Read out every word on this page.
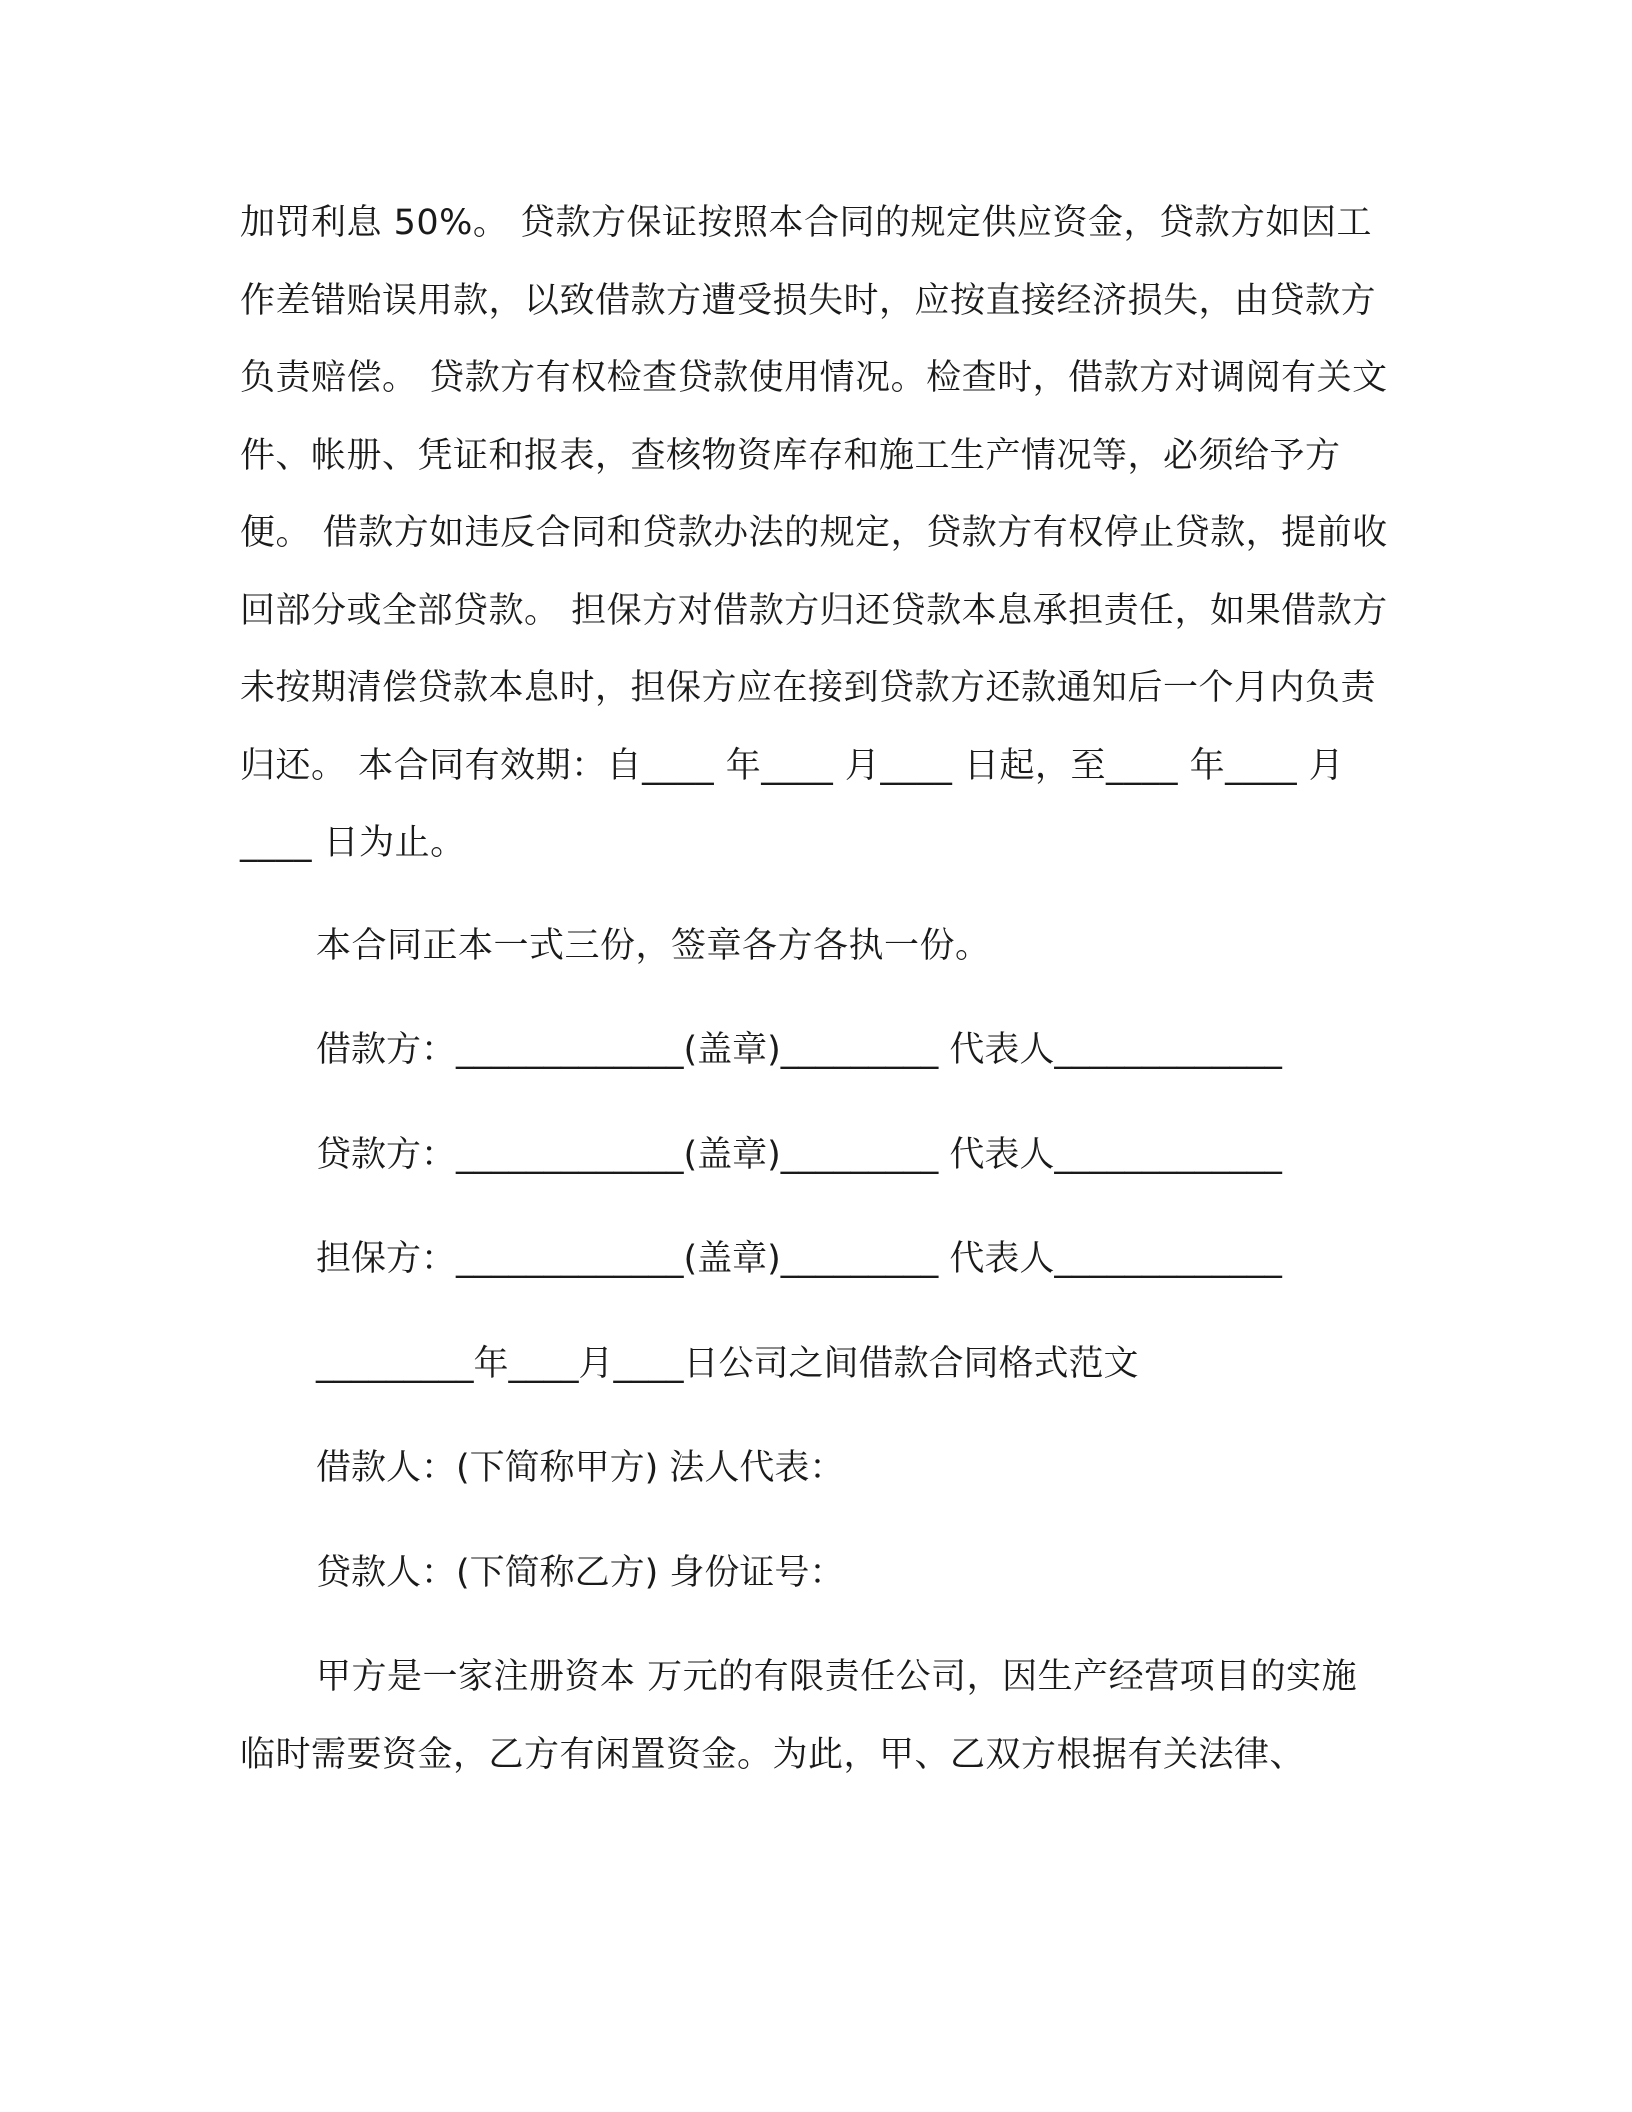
加罚利息 50%。 贷款方保证按照本合同的规定供应资金，贷款方如因工作差错贻误用款，以致借款方遭受损失时，应按直接经济损失，由贷款方负责赔偿。 贷款方有权检查贷款使用情况。检查时，借款方对调阅有关文件、帐册、凭证和报表，查核物资库存和施工生产情况等，必须给予方便。 借款方如违反合同和贷款办法的规定，贷款方有权停止贷款，提前收回部分或全部贷款。 担保方对借款方归还贷款本息承担责任，如果借款方未按期清偿贷款本息时，担保方应在接到贷款方还款通知后一个月内负责归还。 本合同有效期：自____ 年____ 月____ 日起，至____ 年____ 月____ 日为止。

本合同正本一式三份，签章各方各执一份。

借款方：_____________(盖章)_________ 代表人_____________

贷款方：_____________(盖章)_________ 代表人_____________

担保方：_____________(盖章)_________ 代表人_____________

_________年____月____日公司之间借款合同格式范文

借款人：(下简称甲方) 法人代表：

贷款人：(下简称乙方) 身份证号：

甲方是一家注册资本 万元的有限责任公司，因生产经营项目的实施临时需要资金，乙方有闲置资金。为此，甲、乙双方根据有关法律、
